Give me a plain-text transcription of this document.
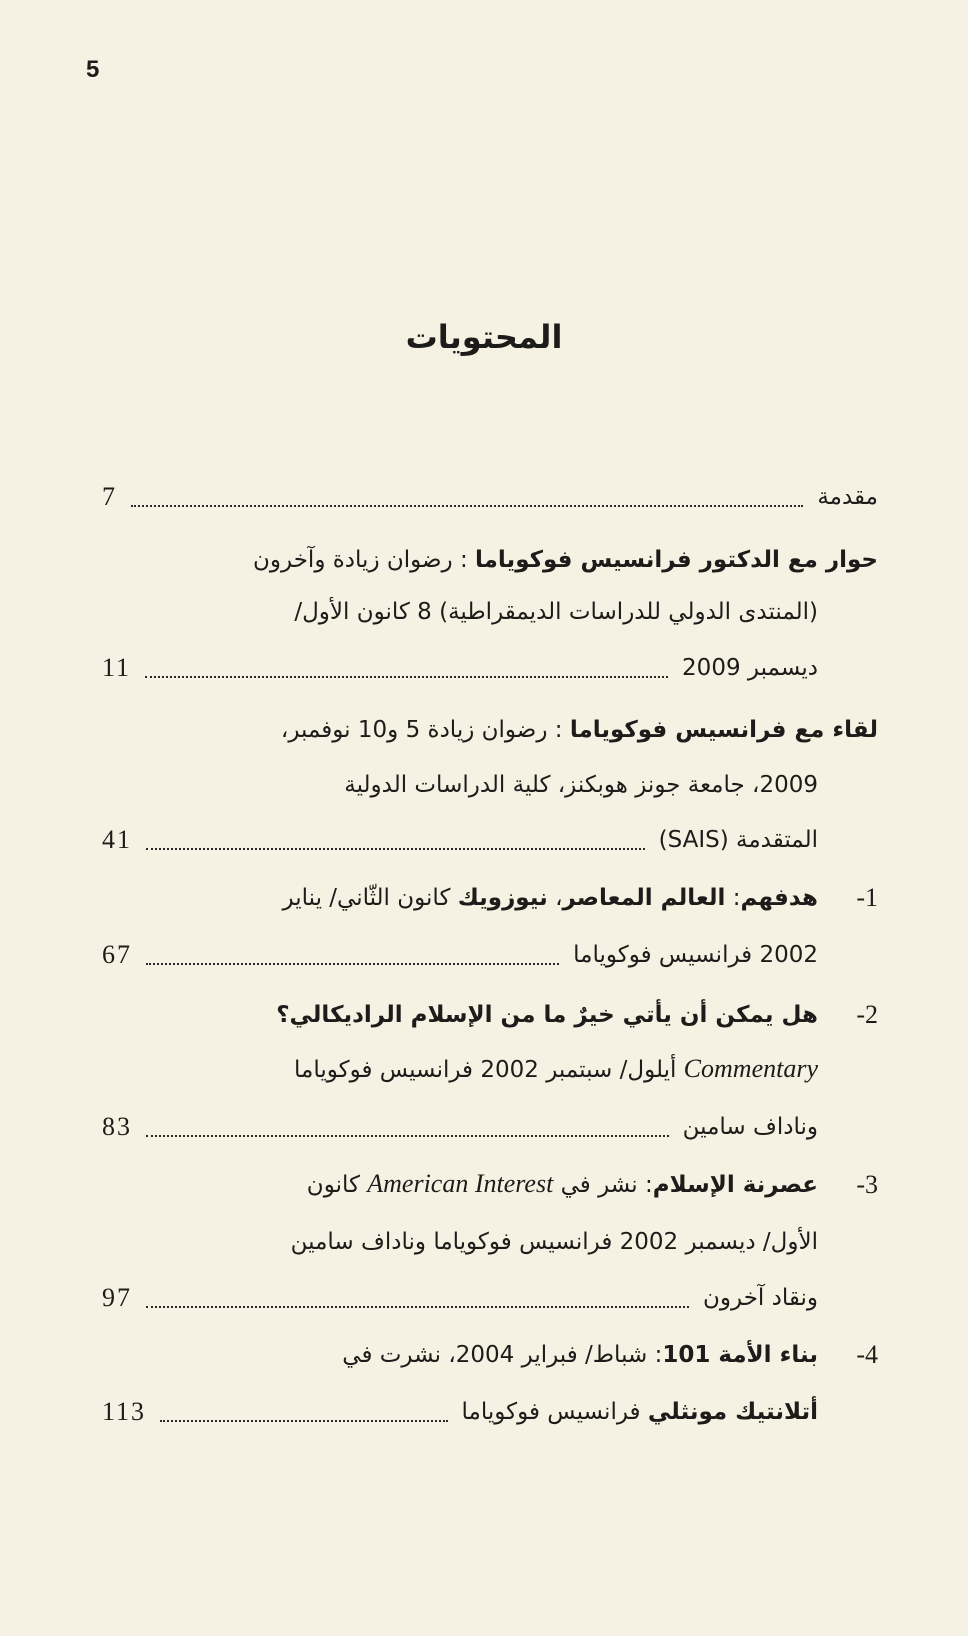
5
المحتويات
مقدمة
7
حوار مع الدكتور فرانسيس فوكوياما : رضوان زيادة وآخرون
(المنتدى الدولي للدراسات الديمقراطية) 8 كانون الأول/
ديسمبر 2009
11
لقاء مع فرانسيس فوكوياما : رضوان زيادة 5 و10 نوفمبر،
2009، جامعة جونز هوبكنز، كلية الدراسات الدولية
المتقدمة (SAIS)
41
1-
هدفهم: العالم المعاصر، نيوزويك كانون الثّاني/ يناير
2002 فرانسيس فوكوياما
67
2-
هل يمكن أن يأتي خيرٌ ما من الإسلام الراديكالي؟
Commentary أيلول/ سبتمبر 2002 فرانسيس فوكوياما
وناداف سامين
83
3-
عصرنة الإسلام: نشر في American Interest كانون
الأول/ ديسمبر 2002 فرانسيس فوكوياما وناداف سامين
ونقاد آخرون
97
4-
بناء الأمة 101: شباط/ فبراير 2004، نشرت في
أتلانتيك مونثلي فرانسيس فوكوياما
113
